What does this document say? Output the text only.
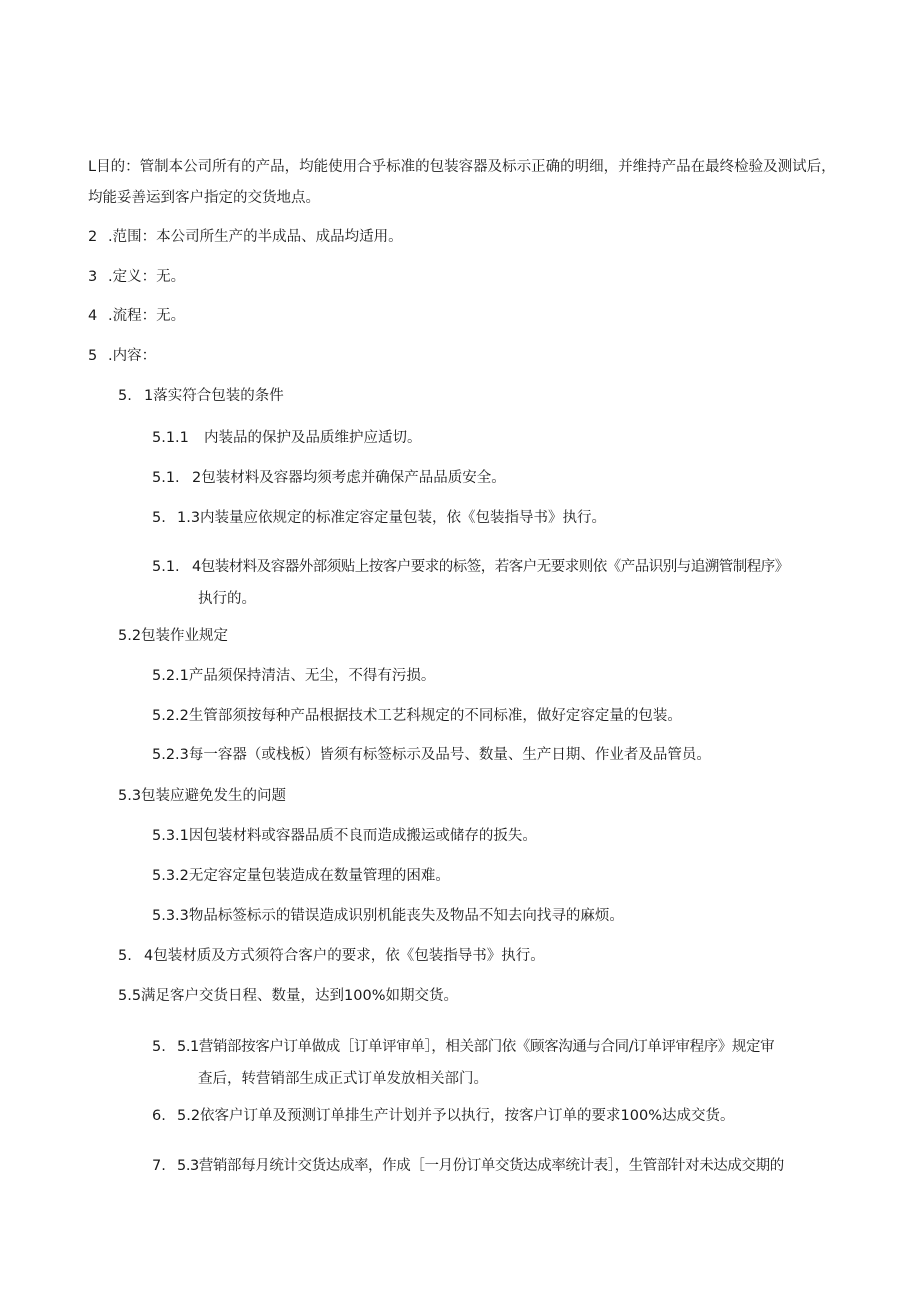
L目的：管制本公司所有的产品，均能使用合乎标准的包装容器及标示正确的明细，并维持产品在最终检验及测试后，均能妥善运到客户指定的交货地点。
2 .范围：本公司所生产的半成品、成品均适用。
3 .定义：无。
4 .流程：无。
5 .内容：
5. 1落实符合包装的条件
5.1.1 内装品的保护及品质维护应适切。
5.1. 2包装材料及容器均须考虑并确保产品品质安全。
5. 1.3内装量应依规定的标准定容定量包装，依《包装指导书》执行。
5.1. 4包装材料及容器外部须贴上按客户要求的标签，若客户无要求则依《产品识别与追溯管制程序》
执行的。
5.2包装作业规定
5.2.1产品须保持清洁、无尘，不得有污损。
5.2.2生管部须按每种产品根据技术工艺科规定的不同标准，做好定容定量的包装。
5.2.3每一容器（或栈板）皆须有标签标示及品号、数量、生产日期、作业者及品管员。
5.3包装应避免发生的问题
5.3.1因包装材料或容器品质不良而造成搬运或储存的扳失。
5.3.2无定容定量包装造成在数量管理的困难。
5.3.3物品标签标示的错误造成识别机能丧失及物品不知去向找寻的麻烦。
5. 4包装材质及方式须符合客户的要求，依《包装指导书》执行。
5.5满足客户交货日程、数量，达到100%如期交货。
5. 5.1营销部按客户订单做成［订单评审单］，相关部门依《顾客沟通与合同/订单评审程序》规定审
查后，转营销部生成正式订单发放相关部门。
6. 5.2依客户订单及预测订单排生产计划并予以执行，按客户订单的要求100%达成交货。
7. 5.3营销部每月统计交货达成率，作成［一月份订单交货达成率统计表］，生管部针对未达成交期的
